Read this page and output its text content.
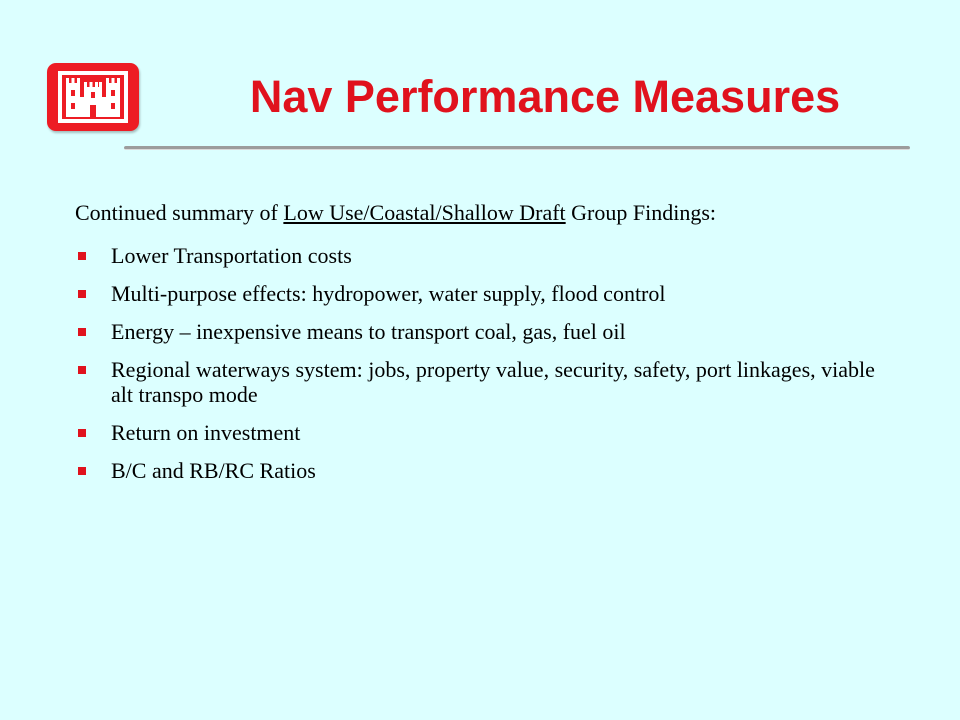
Nav Performance Measures

Continued summary of Low Use/Coastal/Shallow Draft Group Findings:

Lower Transportation costs
Multi-purpose effects: hydropower, water supply, flood control
Energy – inexpensive means to transport coal, gas, fuel oil
Regional waterways system: jobs, property value, security, safety, port linkages, viable alt transpo mode
Return on investment
B/C and RB/RC Ratios
